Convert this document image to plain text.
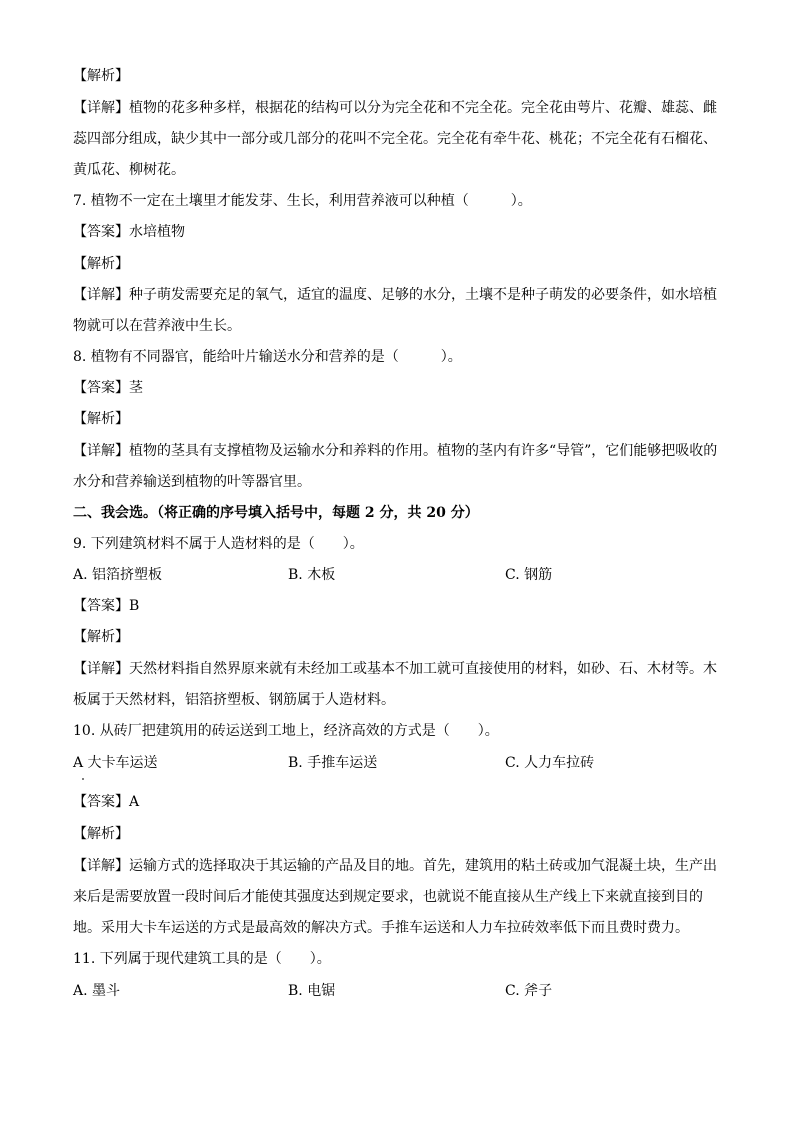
【解析】
【详解】植物的花多种多样，根据花的结构可以分为完全花和不完全花。完全花由萼片、花瓣、雄蕊、雌
蕊四部分组成，缺少其中一部分或几部分的花叫不完全花。完全花有牵牛花、桃花；不完全花有石榴花、
黄瓜花、柳树花。
7. 植物不一定在土壤里才能发芽、生长，利用营养液可以种植（　　　）。
【答案】水培植物
【解析】
【详解】种子萌发需要充足的氧气，适宜的温度、足够的水分，土壤不是种子萌发的必要条件，如水培植
物就可以在营养液中生长。
8. 植物有不同器官，能给叶片输送水分和营养的是（　　　）。
【答案】茎
【解析】
【详解】植物的茎具有支撑植物及运输水分和养料的作用。植物的茎内有许多“导管”，它们能够把吸收的
水分和营养输送到植物的叶等器官里。
二、我会选。（将正确的序号填入括号中，每题 2 分，共 20 分）
9. 下列建筑材料不属于人造材料的是（　　）。
A. 铝箔挤塑板	B. 木板	C. 钢筋
【答案】B
【解析】
【详解】天然材料指自然界原来就有未经加工或基本不加工就可直接使用的材料，如砂、石、木材等。木
板属于天然材料，铝箔挤塑板、钢筋属于人造材料。
10. 从砖厂把建筑用的砖运送到工地上，经济高效的方式是（　　）。
A 大卡车运送	B. 手推车运送	C. 人力车拉砖
【答案】A
【解析】
【详解】运输方式的选择取决于其运输的产品及目的地。首先，建筑用的粘土砖或加气混凝土块，生产出
来后是需要放置一段时间后才能使其强度达到规定要求，也就说不能直接从生产线上下来就直接到目的
地。采用大卡车运送的方式是最高效的解决方式。手推车运送和人力车拉砖效率低下而且费时费力。
11. 下列属于现代建筑工具的是（　　）。
A. 墨斗	B. 电锯	C. 斧子
